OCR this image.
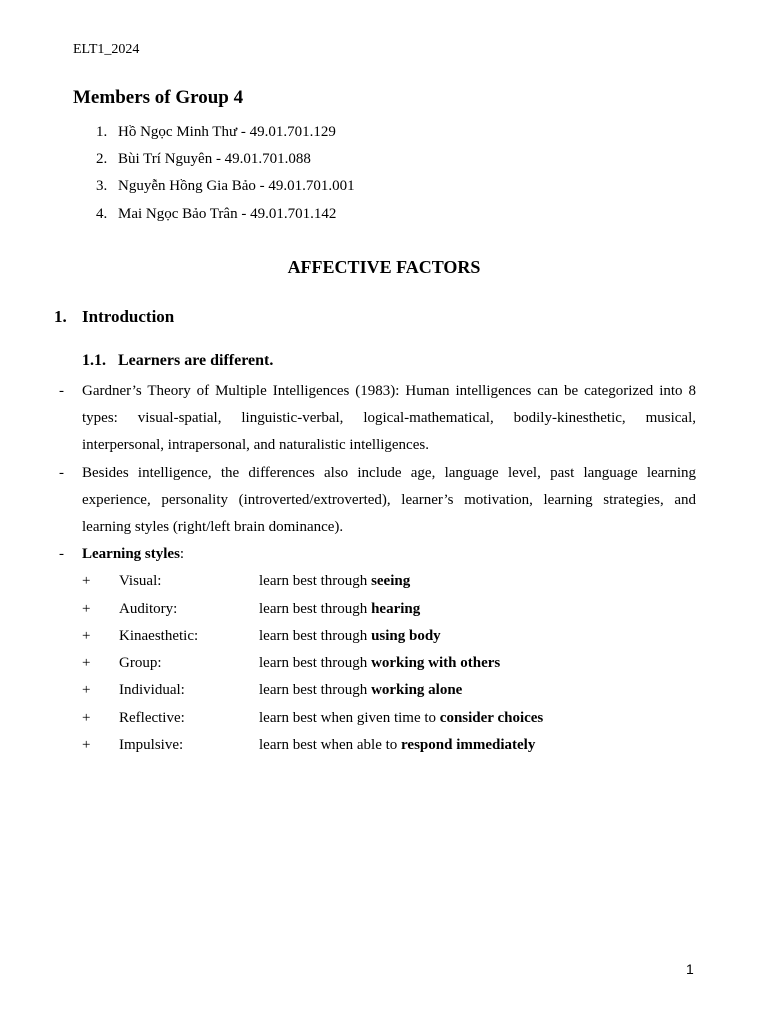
ELT1_2024
Members of Group 4
1. Hồ Ngọc Minh Thư - 49.01.701.129
2. Bùi Trí Nguyên - 49.01.701.088
3. Nguyễn Hồng Gia Bảo - 49.01.701.001
4. Mai Ngọc Bảo Trân - 49.01.701.142
AFFECTIVE FACTORS
1. Introduction
1.1. Learners are different.
- Gardner’s Theory of Multiple Intelligences (1983): Human intelligences can be categorized into 8 types: visual-spatial, linguistic-verbal, logical-mathematical, bodily-kinesthetic, musical, interpersonal, intrapersonal, and naturalistic intelligences.
- Besides intelligence, the differences also include age, language level, past language learning experience, personality (introverted/extroverted), learner’s motivation, learning strategies, and learning styles (right/left brain dominance).
- Learning styles:
+ Visual:	learn best through seeing
+ Auditory:	learn best through hearing
+ Kinaesthetic:	learn best through using body
+ Group:	learn best through working with others
+ Individual:	learn best through working alone
+ Reflective:	learn best when given time to consider choices
+ Impulsive:	learn best when able to respond immediately
1
